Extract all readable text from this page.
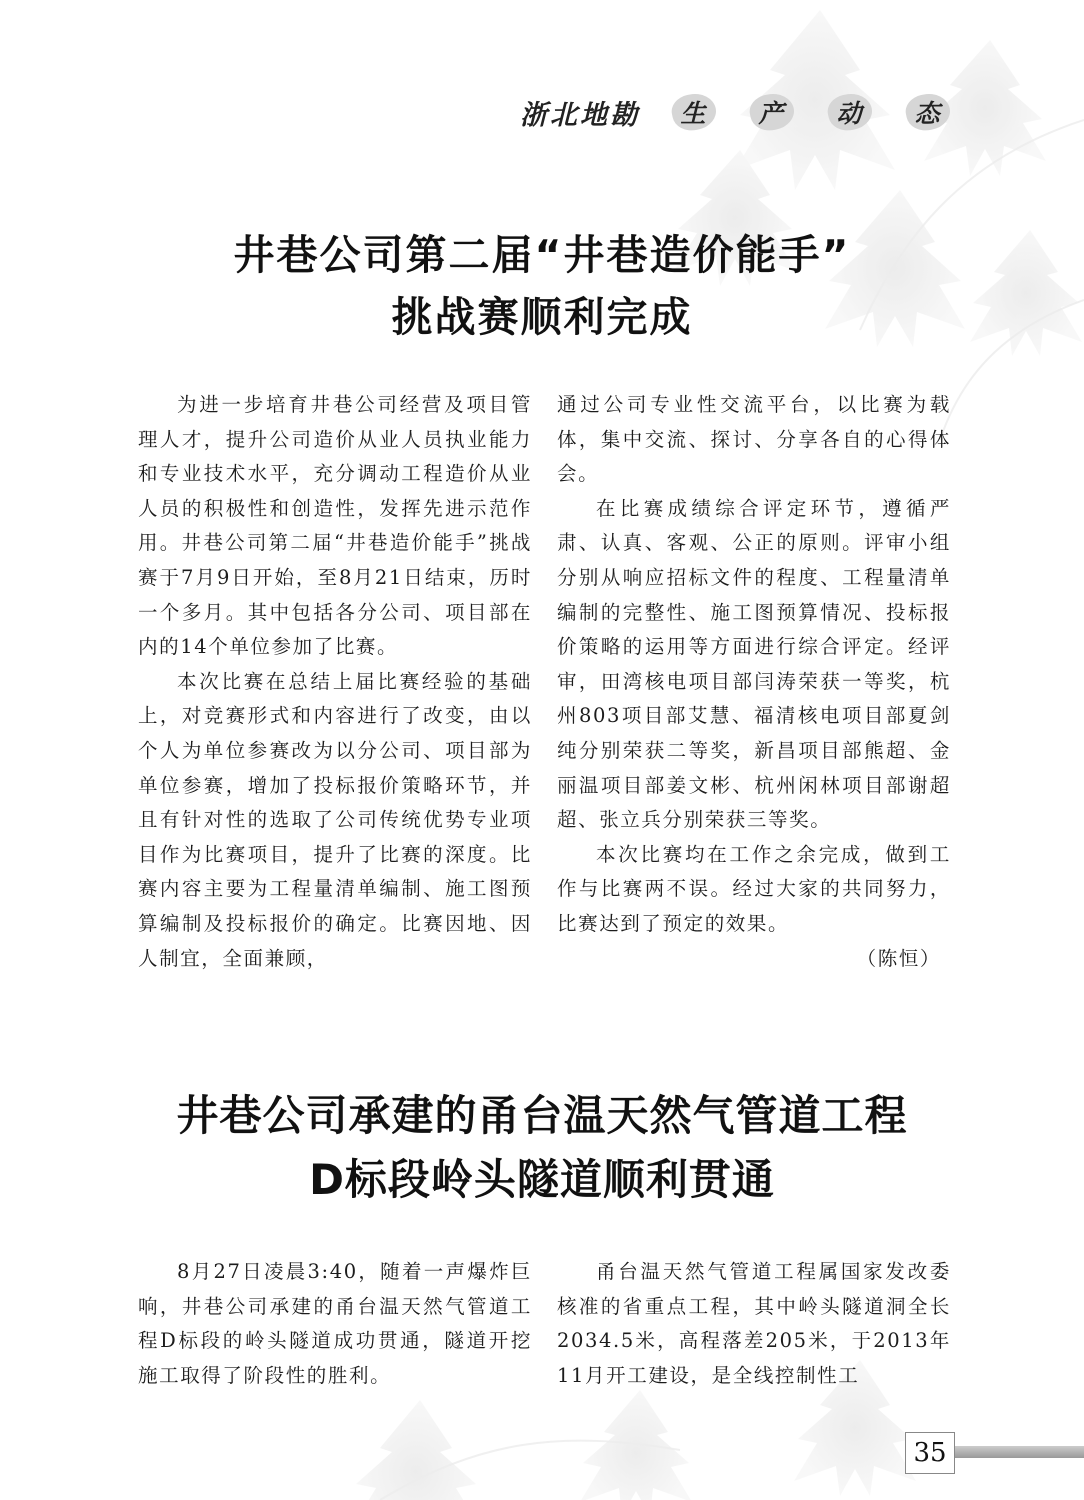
浙北地勘 生 产 动 态
井巷公司第二届“井巷造价能手”
挑战赛顺利完成

为进一步培育井巷公司经营及项目管理人才，提升公司造价从业人员执业能力和专业技术水平，充分调动工程造价从业人员的积极性和创造性，发挥先进示范作用。井巷公司第二届“井巷造价能手”挑战赛于7月9日开始，至8月21日结束，历时一个多月。其中包括各分公司、项目部在内的14个单位参加了比赛。

本次比赛在总结上届比赛经验的基础上，对竞赛形式和内容进行了改变，由以个人为单位参赛改为以分公司、项目部为单位参赛，增加了投标报价策略环节，并且有针对性的选取了公司传统优势专业项目作为比赛项目，提升了比赛的深度。比赛内容主要为工程量清单编制、施工图预算编制及投标报价的确定。比赛因地、因人制宜，全面兼顾，

通过公司专业性交流平台，以比赛为载体，集中交流、探讨、分享各自的心得体会。

在比赛成绩综合评定环节，遵循严肃、认真、客观、公正的原则。评审小组分别从响应招标文件的程度、工程量清单编制的完整性、施工图预算情况、投标报价策略的运用等方面进行综合评定。经评审，田湾核电项目部闫涛荣获一等奖，杭州803项目部艾慧、福清核电项目部夏剑纯分别荣获二等奖，新昌项目部熊超、金丽温项目部姜文彬、杭州闲林项目部谢超超、张立兵分别荣获三等奖。

本次比赛均在工作之余完成，做到工作与比赛两不误。经过大家的共同努力，比赛达到了预定的效果。

（陈恒）

井巷公司承建的甬台温天然气管道工程
D标段岭头隧道顺利贯通

8月27日凌晨3:40，随着一声爆炸巨响，井巷公司承建的甬台温天然气管道工程D标段的岭头隧道成功贯通，隧道开挖施工取得了阶段性的胜利。

甬台温天然气管道工程属国家发改委核准的省重点工程，其中岭头隧道洞全长2034.5米，高程落差205米，于2013年11月开工建设，是全线控制性工

35
